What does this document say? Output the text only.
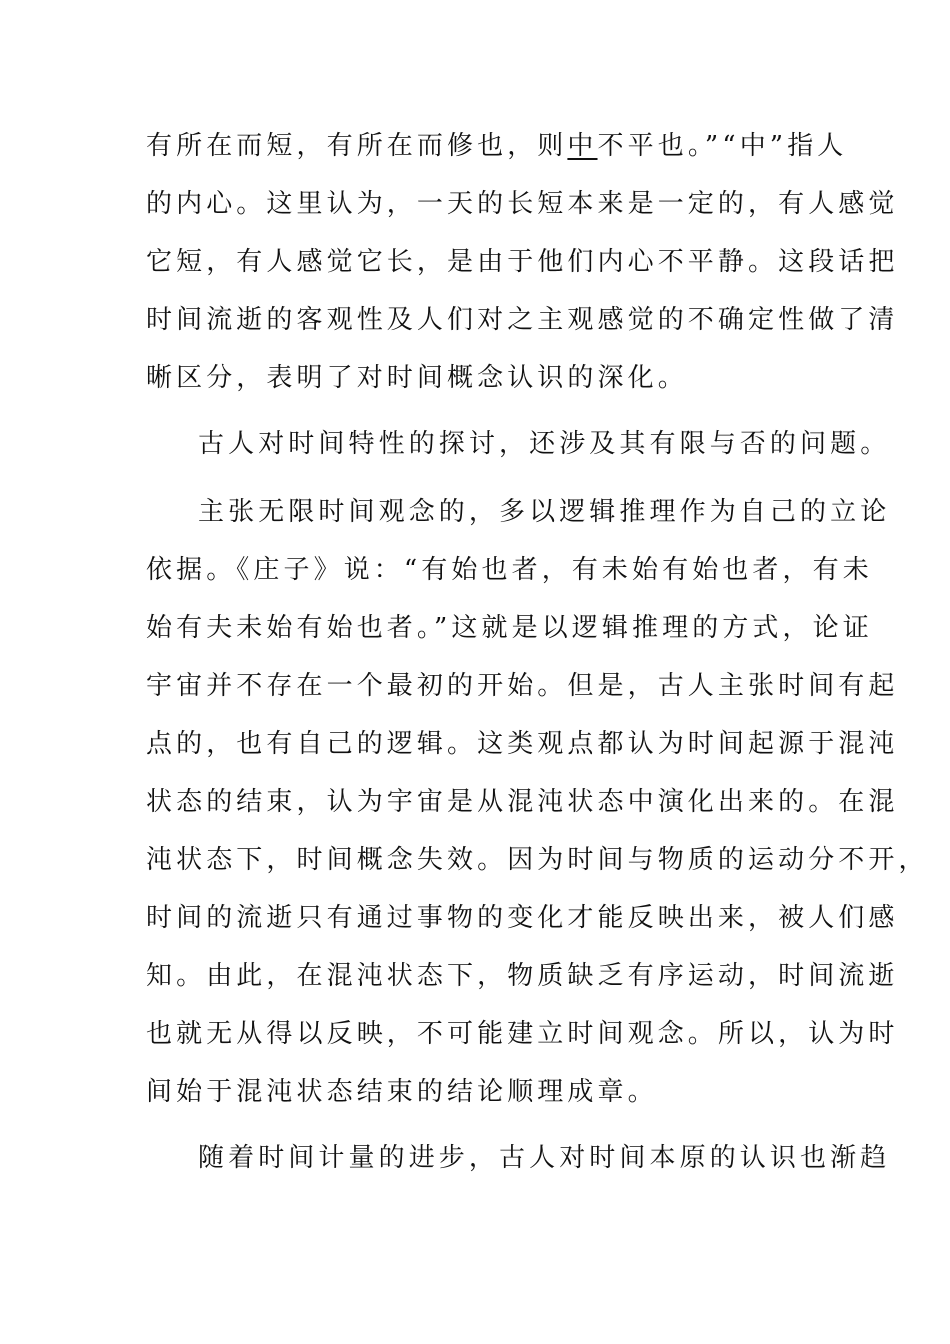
有所在而短，有所在而修也，则中不平也。”“中”指人
的内心。这里认为，一天的长短本来是一定的，有人感觉
它短，有人感觉它长，是由于他们内心不平静。这段话把
时间流逝的客观性及人们对之主观感觉的不确定性做了清
晰区分，表明了对时间概念认识的深化。
古人对时间特性的探讨，还涉及其有限与否的问题。
主张无限时间观念的，多以逻辑推理作为自己的立论
依据。《庄子》说：“有始也者，有未始有始也者，有未
始有夫未始有始也者。”这就是以逻辑推理的方式，论证
宇宙并不存在一个最初的开始。但是，古人主张时间有起
点的，也有自己的逻辑。这类观点都认为时间起源于混沌
状态的结束，认为宇宙是从混沌状态中演化出来的。在混
沌状态下，时间概念失效。因为时间与物质的运动分不开，
时间的流逝只有通过事物的变化才能反映出来，被人们感
知。由此，在混沌状态下，物质缺乏有序运动，时间流逝
也就无从得以反映，不可能建立时间观念。所以，认为时
间始于混沌状态结束的结论顺理成章。
随着时间计量的进步，古人对时间本原的认识也渐趋
